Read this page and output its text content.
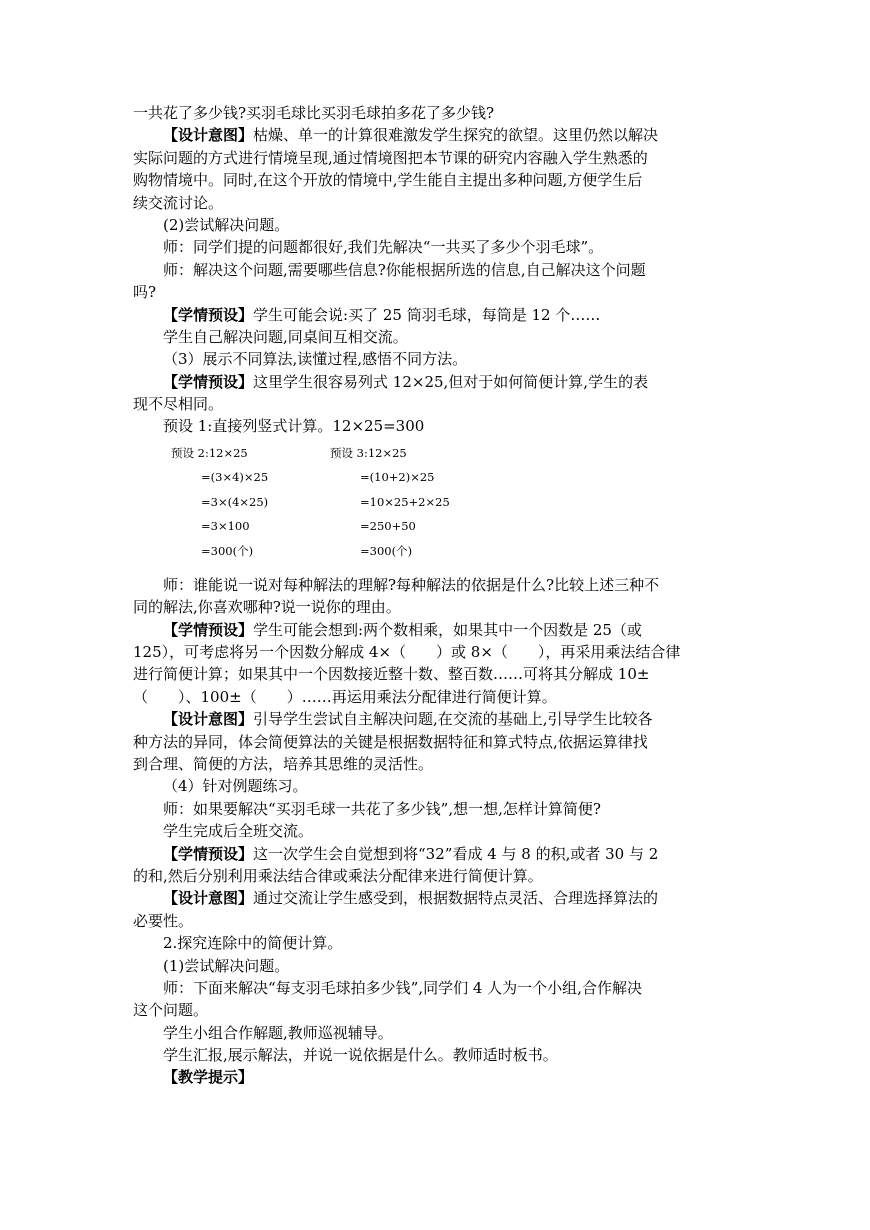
一共花了多少钱?买羽毛球比买羽毛球拍多花了多少钱?
【设计意图】枯燥、单一的计算很难激发学生探究的欲望。这里仍然以解决
实际问题的方式进行情境呈现,通过情境图把本节课的研究内容融入学生熟悉的
购物情境中。同时,在这个开放的情境中,学生能自主提出多种问题,方便学生后
续交流讨论。
(2)尝试解决问题。
师：同学们提的问题都很好,我们先解决“一共买了多少个羽毛球”。
师：解决这个问题,需要哪些信息?你能根据所选的信息,自己解决这个问题
吗?
【学情预设】学生可能会说:买了 25 筒羽毛球，每筒是 12 个……
学生自己解决问题,同桌间互相交流。
（3）展示不同算法,读懂过程,感悟不同方法。
【学情预设】这里学生很容易列式 12×25,但对于如何简便计算,学生的表
现不尽相同。
预设 1:直接列竖式计算。12×25=300
预设 2:12×25
=(3×4)×25
=3×(4×25)
=3×100
=300(个)
预设 3:12×25
=(10+2)×25
=10×25+2×25
=250+50
=300(个)
师：谁能说一说对每种解法的理解?每种解法的依据是什么?比较上述三种不
同的解法,你喜欢哪种?说一说你的理由。
【学情预设】学生可能会想到:两个数相乘，如果其中一个因数是 25（或
125），可考虑将另一个因数分解成 4×（　　）或 8×（　　），再采用乘法结合律
进行简便计算；如果其中一个因数接近整十数、整百数……可将其分解成 10±
（　　）、100±（　　）……再运用乘法分配律进行简便计算。
【设计意图】引导学生尝试自主解决问题,在交流的基础上,引导学生比较各
种方法的异同，体会简便算法的关键是根据数据特征和算式特点,依据运算律找
到合理、简便的方法，培养其思维的灵活性。
（4）针对例题练习。
师：如果要解决“买羽毛球一共花了多少钱”,想一想,怎样计算简便?
学生完成后全班交流。
【学情预设】这一次学生会自觉想到将“32”看成 4 与 8 的积,或者 30 与 2
的和,然后分别利用乘法结合律或乘法分配律来进行简便计算。
【设计意图】通过交流让学生感受到，根据数据特点灵活、合理选择算法的
必要性。
2.探究连除中的简便计算。
(1)尝试解决问题。
师：下面来解决“每支羽毛球拍多少钱”,同学们 4 人为一个小组,合作解决
这个问题。
学生小组合作解题,教师巡视辅导。
学生汇报,展示解法，并说一说依据是什么。教师适时板书。
【教学提示】
